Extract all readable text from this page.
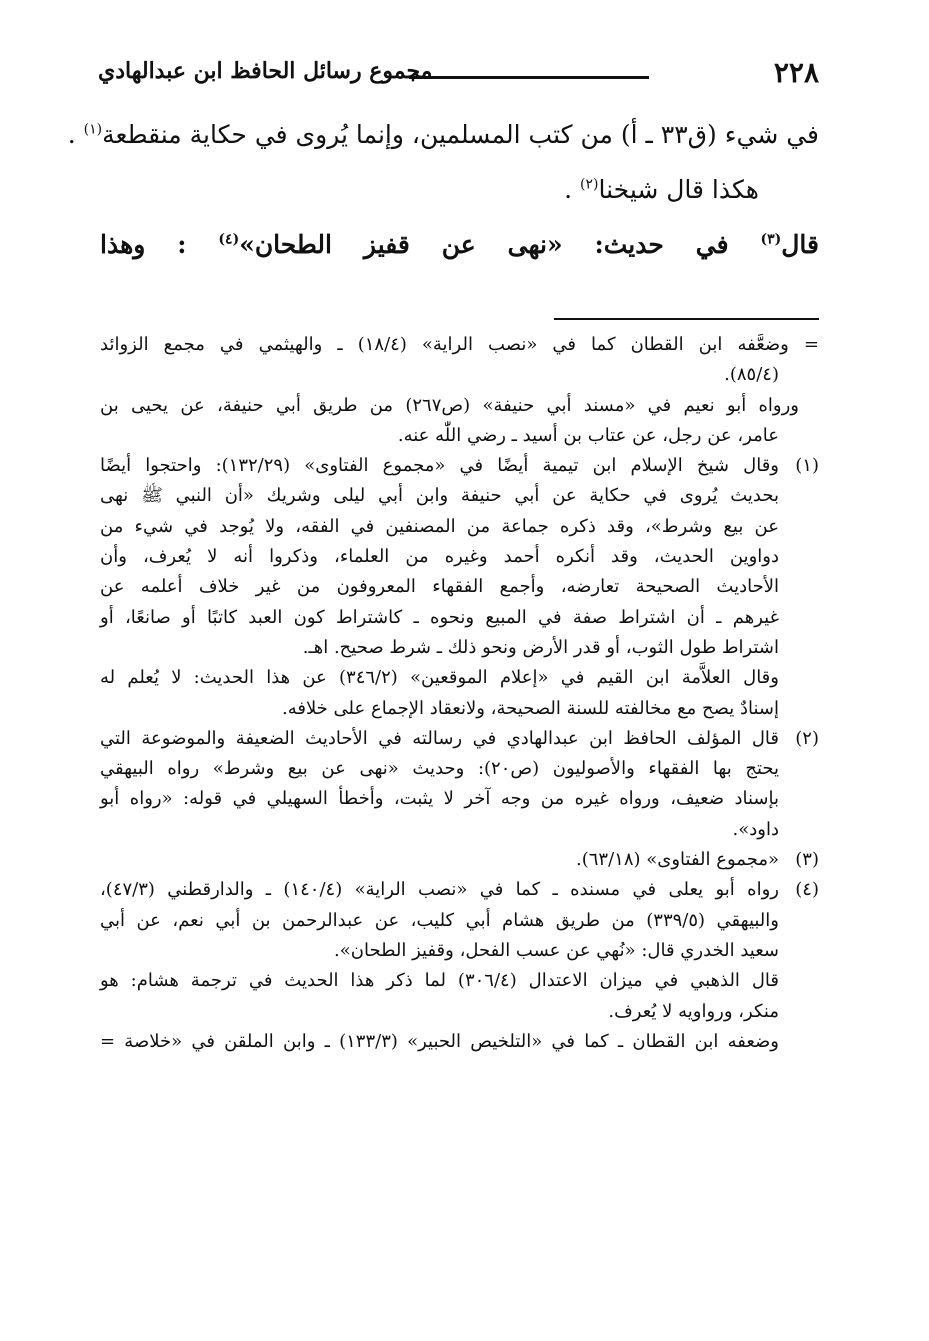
٢٢٨
مجموع رسائل الحافظ ابن عبدالهادي
في شيء (ق٣٣ ـ أ) من كتب المسلمين، وإنما يُروى في حكاية منقطعة$^{(١)}$ .
هكذا قال شيخنا$^{(٢)}$ .
قال$^{(٣)}$ في حديث: «نهى عن قفيز الطحان»$^{(٤)}$ : وهذا
= وضعَّفه ابن القطان كما في «نصب الراية» (١٨/٤) ـ والهيثمي في مجمع الزوائد
(٨٥/٤).
ورواه أبو نعيم في «مسند أبي حنيفة» (ص٢٦٧) من طريق أبي حنيفة، عن يحيى بن
عامر، عن رجل، عن عتاب بن أسيد ـ رضي اللّٰه عنه.
(١)وقال شيخ الإسلام ابن تيمية أيضًا في «مجموع الفتاوى» (١٣٢/٢٩): واحتجوا أيضًا
بحديث يُروى في حكاية عن أبي حنيفة وابن أبي ليلى وشريك «أن النبي ﷺ نهى
عن بيع وشرط»، وقد ذكره جماعة من المصنفين في الفقه، ولا يُوجد في شيء من
دواوين الحديث، وقد أنكره أحمد وغيره من العلماء، وذكروا أنه لا يُعرف، وأن
الأحاديث الصحيحة تعارضه، وأجمع الفقهاء المعروفون من غير خلاف أعلمه عن
غيرهم ـ أن اشتراط صفة في المبيع ونحوه ـ كاشتراط كون العبد كاتبًا أو صانعًا، أو
اشتراط طول الثوب، أو قدر الأرض ونحو ذلك ـ شرط صحيح. اهـ.
وقال العلاَّمة ابن القيم في «إعلام الموقعين» (٣٤٦/٢) عن هذا الحديث: لا يُعلم له
إسنادٌ يصح مع مخالفته للسنة الصحيحة، ولانعقاد الإجماع على خلافه.
(٢)قال المؤلف الحافظ ابن عبدالهادي في رسالته في الأحاديث الضعيفة والموضوعة التي
يحتج بها الفقهاء والأصوليون (ص٢٠): وحديث «نهى عن بيع وشرط» رواه البيهقي
بإسناد ضعيف، ورواه غيره من وجه آخر لا يثبت، وأخطأ السهيلي في قوله: «رواه أبو
داود».
(٣)«مجموع الفتاوى» (٦٣/١٨).
(٤)رواه أبو يعلى في مسنده ـ كما في «نصب الراية» (١٤٠/٤) ـ والدارقطني (٤٧/٣)،
والبيهقي (٣٣٩/٥) من طريق هشام أبي كليب، عن عبدالرحمن بن أبي نعم، عن أبي
سعيد الخدري قال: «نُهي عن عسب الفحل، وقفيز الطحان».
قال الذهبي في ميزان الاعتدال (٣٠٦/٤) لما ذكر هذا الحديث في ترجمة هشام: هو
منكر، ورواويه لا يُعرف.
وضعفه ابن القطان ـ كما في «التلخيص الحبير» (١٣٣/٣) ـ وابن الملقن في «خلاصة =
